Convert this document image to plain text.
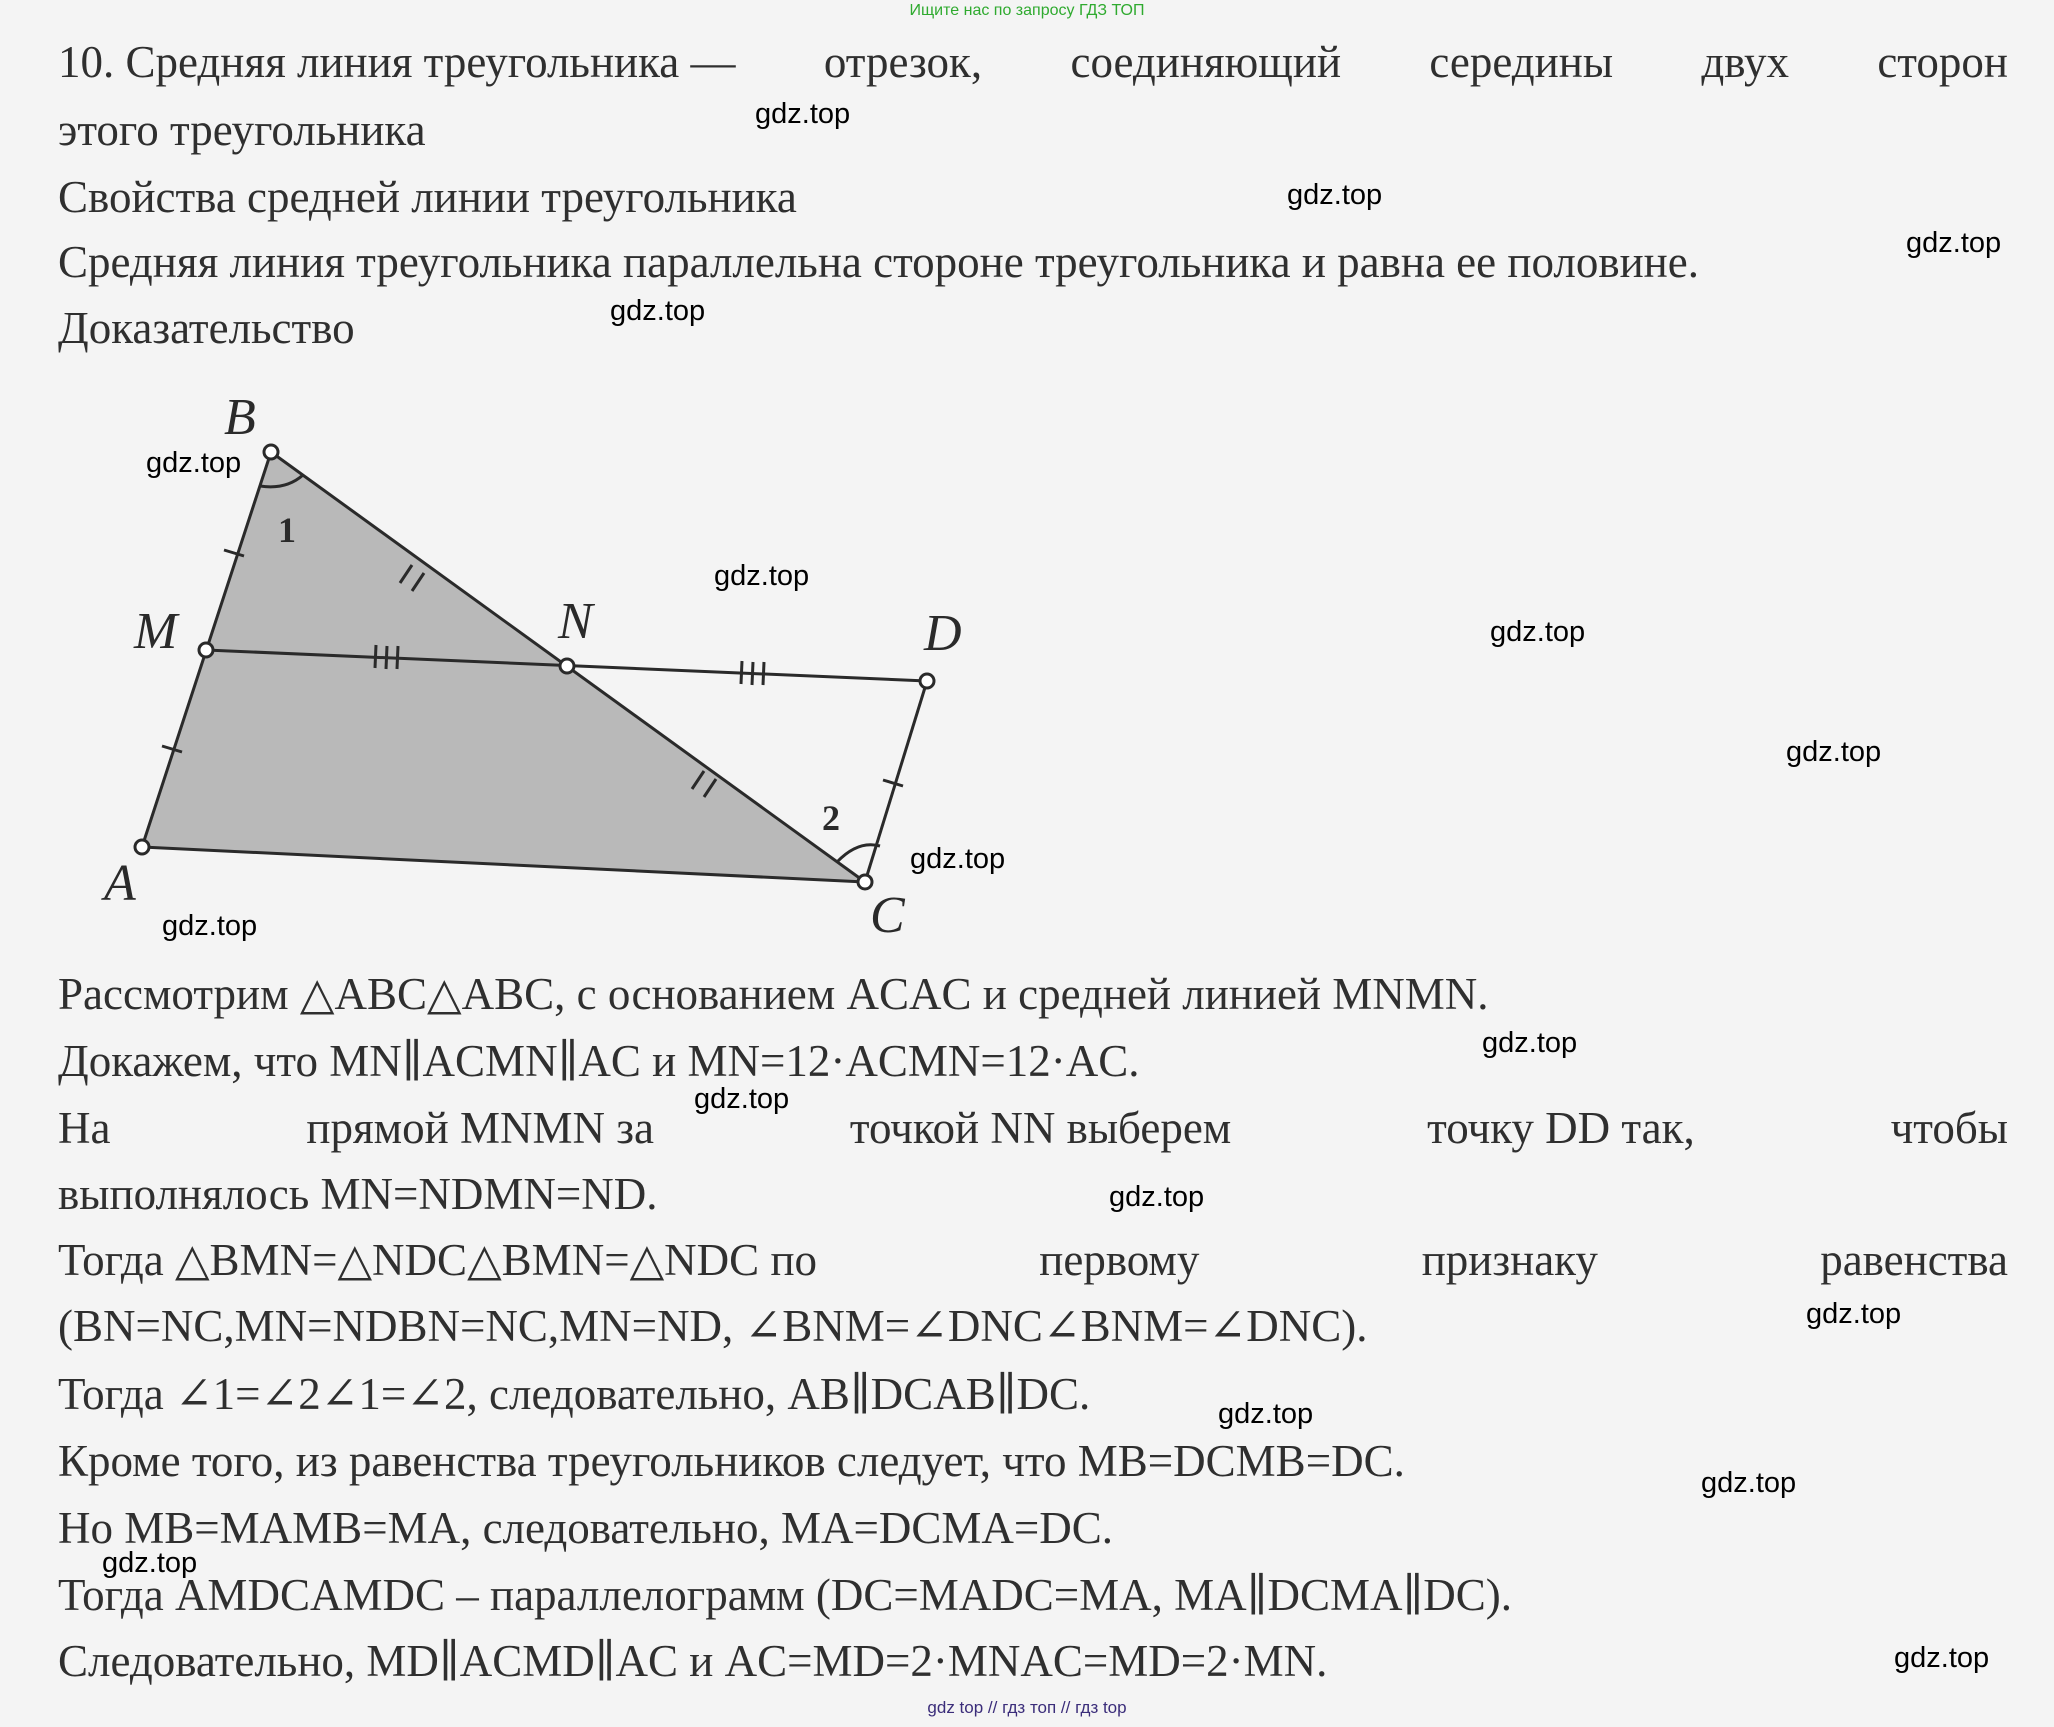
Ищите нас по запросу ГДЗ ТОП
10. Средняя линия треугольника — отрезок, соединяющий середины двух сторон
этого треугольника
Свойства средней линии треугольника
Средняя линия треугольника параллельна стороне треугольника и равна ее половине.
Доказательство
A
B
C
D
M	N
1
2
Рассмотрим △ABC△ABC, с основанием ACAC и средней линией MNMN.
Докажем, что MN∥ACMN∥AC и MN=12·ACMN=12·AC.
На	прямой MNMN за	точкой NN выберем	точку DD так,	чтобы
выполнялось MN=NDMN=ND.
Тогда △BMN=△NDC△BMN=△NDC по	первому	признаку	равенства
(BN=NC,MN=NDBN=NC,MN=ND, ∠BNM=∠DNC∠BNM=∠DNC).
Тогда ∠1=∠2∠1=∠2, следовательно, AB∥DCAB∥DC.
Кроме того, из равенства треугольников следует, что MB=DCMB=DC.
Но MB=MAMB=MA, следовательно, MA=DCMA=DC.
Тогда AMDCAMDC – параллелограмм (DC=MADC=MA, MA∥DCMA∥DC).
Следовательно, MD∥ACMD∥AC и AC=MD=2·MNAC=MD=2·MN.
gdz.top
gdz.top
gdz.top
gdz.top
gdz.top
gdz.top
gdz.top
gdz.top
gdz.top
gdz.top
gdz.top
gdz.top
gdz.top
gdz.top
gdz.top
gdz.top
gdz.top
gdz.top
gdz top // гдз топ // гдз top
